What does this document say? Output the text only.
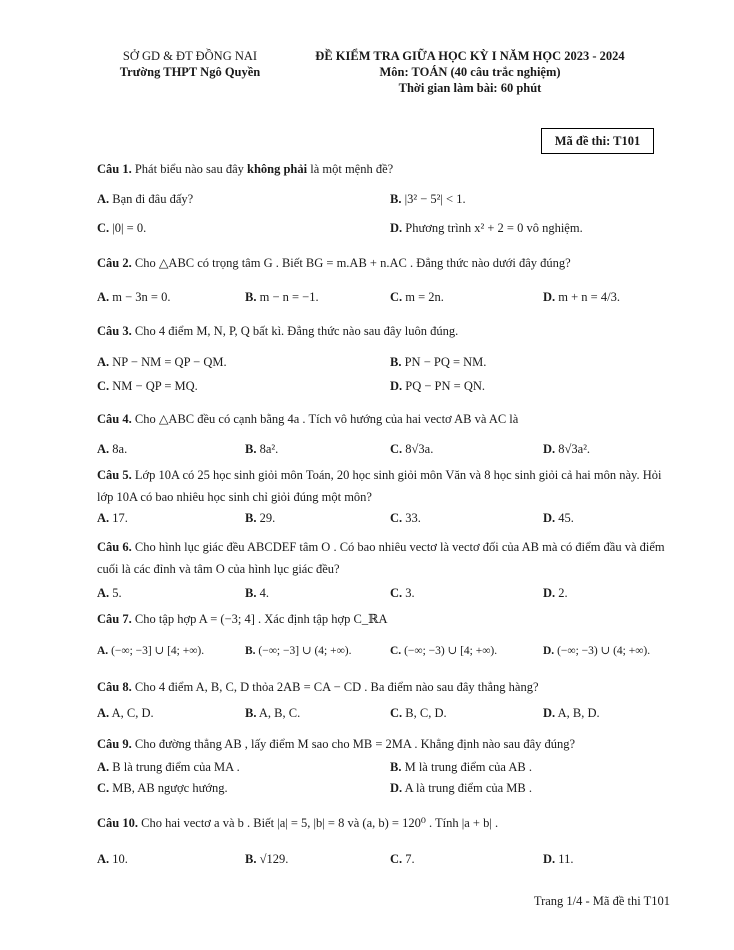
SỞ GD & ĐT ĐỒNG NAI
Trường THPT Ngô Quyền
ĐỀ KIỂM TRA GIỮA HỌC KỲ I NĂM HỌC 2023 - 2024
Môn: TOÁN (40 câu trắc nghiệm)
Thời gian làm bài: 60 phút
Mã đề thi: T101
Câu 1. Phát biểu nào sau đây không phải là một mệnh đề?
A. Bạn đi đâu đấy?	B. |3² − 5²| < 1.
C. |0| = 0.	D. Phương trình x² + 2 = 0 vô nghiệm.
Câu 2. Cho △ABC có trọng tâm G . Biết BG = m.AB + n.AC . Đẳng thức nào dưới đây đúng?
A. m − 3n = 0.	B. m − n = −1.	C. m = 2n.	D. m + n = 4/3.
Câu 3. Cho 4 điểm M, N, P, Q bất kì. Đẳng thức nào sau đây luôn đúng.
A. NP − NM = QP − QM.	B. PN − PQ = NM.
C. NM − QP = MQ.	D. PQ − PN = QN.
Câu 4. Cho △ABC đều có cạnh bằng 4a . Tích vô hướng của hai vectơ AB và AC là
A. 8a.	B. 8a².	C. 8√3a.	D. 8√3a².
Câu 5. Lớp 10A có 25 học sinh giỏi môn Toán, 20 học sinh giỏi môn Văn và 8 học sinh giỏi cả hai môn này. Hỏi lớp 10A có bao nhiêu học sinh chỉ giỏi đúng một môn?
A. 17.	B. 29.	C. 33.	D. 45.
Câu 6. Cho hình lục giác đều ABCDEF tâm O . Có bao nhiêu vectơ là vectơ đối của AB mà có điểm đầu và điểm cuối là các đỉnh và tâm O của hình lục giác đều?
A. 5.	B. 4.	C. 3.	D. 2.
Câu 7. Cho tập hợp A = (−3; 4] . Xác định tập hợp C_ℝA
A. (−∞; −3] ∪ [4; +∞).	B. (−∞; −3] ∪ (4; +∞).	C. (−∞; −3) ∪ [4; +∞).	D. (−∞; −3) ∪ (4; +∞).
Câu 8. Cho 4 điểm A, B, C, D thỏa 2AB = CA − CD . Ba điểm nào sau đây thẳng hàng?
A. A, C, D.	B. A, B, C.	C. B, C, D.	D. A, B, D.
Câu 9. Cho đường thẳng AB , lấy điểm M sao cho MB = 2MA . Khẳng định nào sau đây đúng?
A. B là trung điểm của MA .	B. M là trung điểm của AB .
C. MB, AB ngược hướng.	D. A là trung điểm của MB .
Câu 10. Cho hai vectơ a và b . Biết |a| = 5, |b| = 8 và (a, b) = 120⁰ . Tính |a + b| .
A. 10.	B. √129.	C. 7.	D. 11.
Trang 1/4 - Mã đề thi T101
